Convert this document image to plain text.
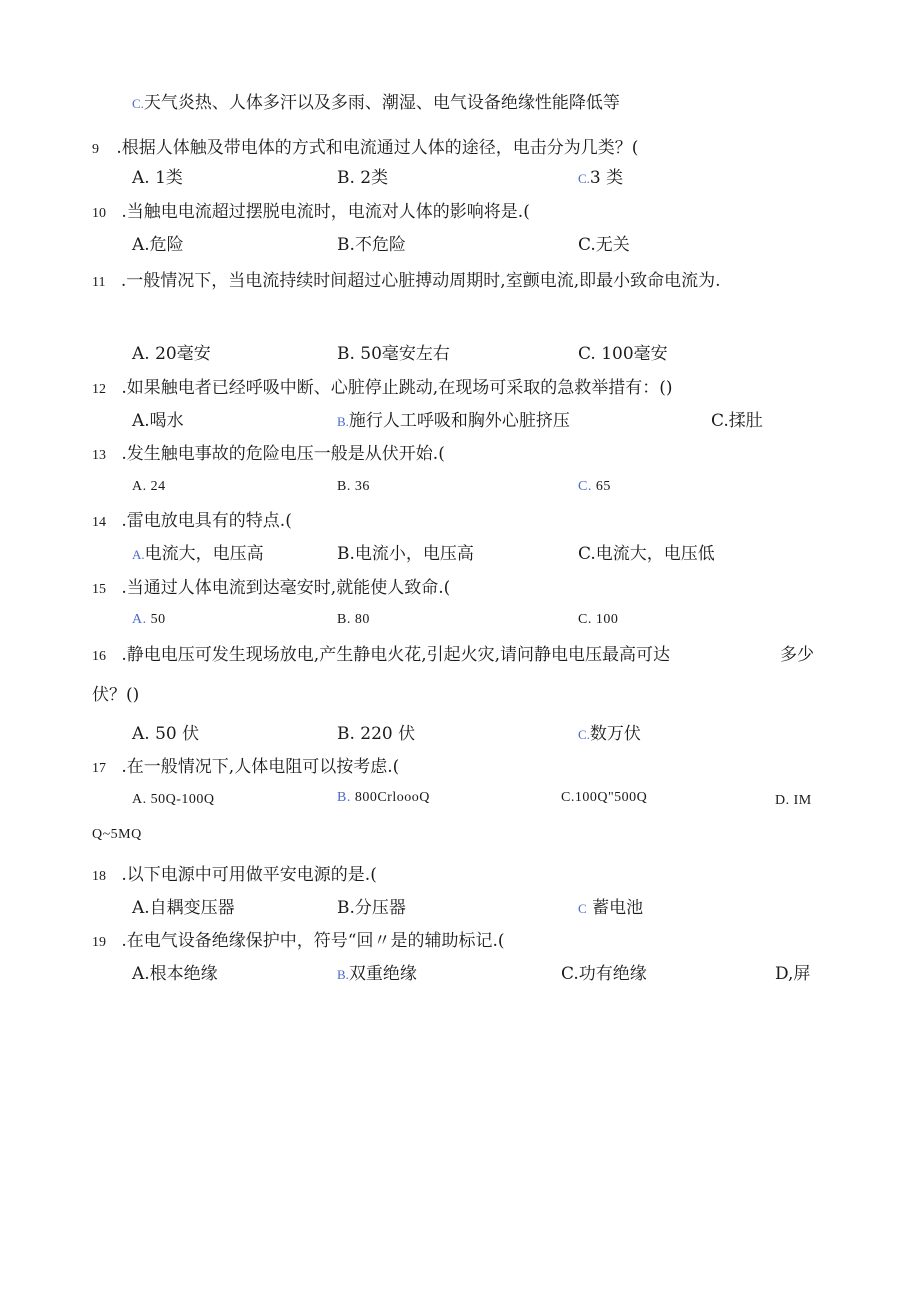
C.天气炎热、人体多汗以及多雨、潮湿、电气设备绝缘性能降低等
9 .根据人体触及带电体的方式和电流通过人体的途径，电击分为几类？(
A. 1类	B. 2类	C.3 类
10 .当触电电流超过摆脱电流时，电流对人体的影响将是.(
A.危险	B.不危险	C.无关
11 .一般情况下，当电流持续时间超过心脏搏动周期时,室颤电流,即最小致命电流为.
A. 20毫安	B. 50毫安左右	C. 100毫安
12 .如果触电者已经呼吸中断、心脏停止跳动,在现场可采取的急救举措有：()
A.喝水	B.施行人工呼吸和胸外心脏挤压	C.揉肚
13 .发生触电事故的危险电压一般是从伏开始.(
A. 24	B. 36	C. 65
14 .雷电放电具有的特点.(
A.电流大，电压高	B.电流小，电压高	C.电流大，电压低
15 .当通过人体电流到达毫安时,就能使人致命.(
A. 50	B. 80	C. 100
16 .静电电压可发生现场放电,产生静电火花,引起火灾,请问静电电压最高可达	多少
伏？()
A. 50 伏	B. 220 伏	C.数万伏
17 .在一般情况下,人体电阻可以按考虑.(
A. 50Q-100Q	B. 800CrloooQ	C.100Q"500Q	D. IM
Q~5MQ
18 .以下电源中可用做平安电源的是.(
A.自耦变压器	B.分压器	C 蓄电池
19 .在电气设备绝缘保护中，符号“回〃是的辅助标记.(
A.根本绝缘	B.双重绝缘	C.功有绝缘	D,屏
